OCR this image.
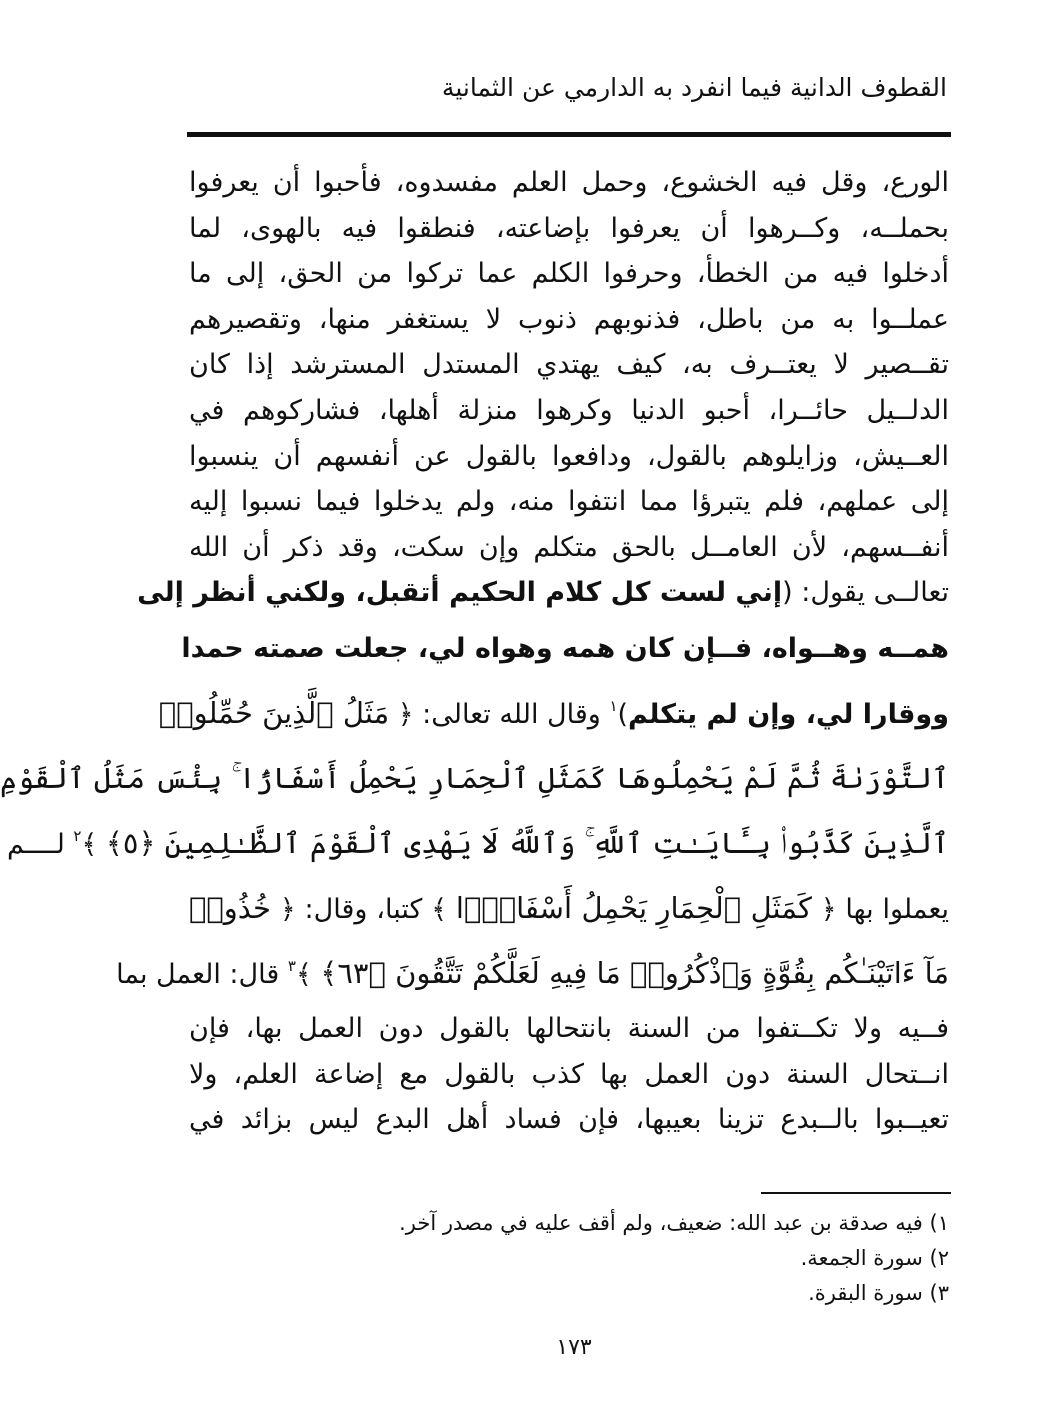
القطوف الدانية فيما انفرد به الدارمي عن الثمانية
الورع، وقل فيه الخشوع، وحمل العلم مفسدوه، فأحبوا أن يعرفوا
بحملــه، وكــرهوا أن يعرفوا بإضاعته، فنطقوا فيه بالهوى، لما
أدخلوا فيه من الخطأ، وحرفوا الكلم عما تركوا من الحق، إلى ما
عملــوا به من باطل، فذنوبهم ذنوب لا يستغفر منها، وتقصيرهم
تقــصير لا يعتــرف به، كيف يهتدي المستدل المسترشد إذا كان
الدلــيل حائــرا، أحبو الدنيا وكرهوا منزلة أهلها، فشاركوهم في
العــيش، وزايلوهم بالقول، ودافعوا بالقول عن أنفسهم أن ينسبوا
إلى عملهم، فلم يتبرؤا مما انتفوا منه، ولم يدخلوا فيما نسبوا إليه
أنفــسهم، لأن العامــل بالحق متكلم وإن سكت، وقد ذكر أن الله
تعالــى يقول: (إني لست كل كلام الحكيم أتقبل، ولكني أنظر إلى
همــه وهــواه، فــإن كان همه وهواه لي، جعلت صمته حمدا
ووقارا لي، وإن لم يتكلم)$^١$ وقال الله تعالى: ﴿ مَثَلُ ٱلَّذِينَ حُمِّلُوا۟
ٱلتَّوْرَىٰةَ ثُمَّ لَمْ يَحْمِلُوهَا كَمَثَلِ ٱلْحِمَارِ يَحْمِلُ أَسْفَارًۢا ۚ بِئْسَ مَثَلُ ٱلْقَوْمِ
ٱلَّذِينَ كَذَّبُوا۟ بِـَٔايَـٰتِ ٱللَّهِ ۚ وَٱللَّهُ لَا يَهْدِى ٱلْقَوْمَ ٱلظَّـٰلِمِينَ ﴿٥﴾ ﴾$^٢$ لــــم
يعملوا بها ﴿ كَمَثَلِ ٱلْحِمَارِ يَحْمِلُ أَسْفَارًۢا ﴾ كتبا، وقال: ﴿ خُذُوا۟
مَآ ءَاتَيْنَـٰكُم بِقُوَّةٍ وَٱذْكُرُوا۟ مَا فِيهِ لَعَلَّكُمْ تَتَّقُونَ ﴿٦٣﴾ ﴾$^٣$ قال: العمل بما
فــيه ولا تكــتفوا من السنة بانتحالها بالقول دون العمل بها، فإن
انــتحال السنة دون العمل بها كذب بالقول مع إضاعة العلم، ولا
تعيــبوا بالــبدع تزينا بعيبها، فإن فساد أهل البدع ليس بزائد في
١) فيه صدقة بن عبد الله: ضعيف، ولم أقف عليه في مصدر آخر.
٢) سورة الجمعة.
٣) سورة البقرة.
١٧٣
